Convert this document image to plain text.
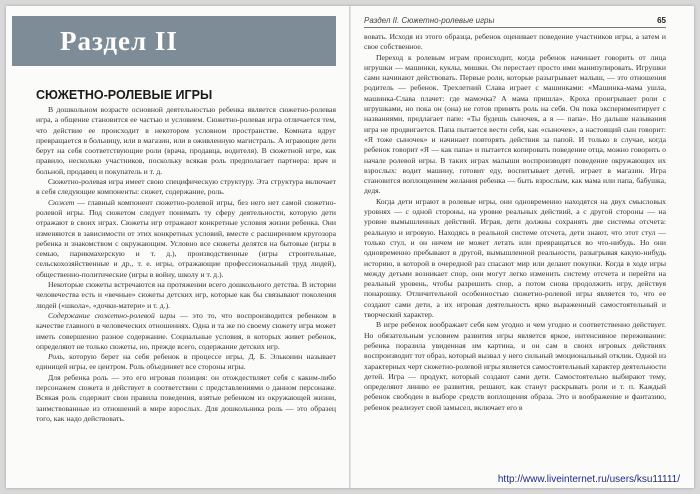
Раздел II
СЮЖЕТНО-РОЛЕВЫЕ ИГРЫ

В дошкольном возрасте основной деятельностью ребенка является сюжетно-ролевая игра, а общение становится ее частью и условием. Сюжетно-ролевая игра отличается тем, что действие ее происходит в некотором условном пространстве. Комната вдруг превращается в больницу, или в магазин, или в оживленную магистраль. А играющие дети берут на себя соответствующие роли (врача, продавца, водителя). В сюжетной игре, как правило, несколько участников, поскольку всякая роль предполагает партнера: врач и больной, продавец и покупатель и т. д.

Сюжетно-ролевая игра имеет свою специфическую структуру. Эта структура включает в себя следующие компоненты: сюжет, содержание, роль.

Сюжет — главный компонент сюжетно-ролевой игры, без него нет самой сюжетно-ролевой игры. Под сюжетом следует понимать ту сферу деятельности, которую дети отражают в своих играх. Сюжеты игр отражают конкретные условия жизни ребенка. Они изменяются в зависимости от этих конкретных условий, вместе с расширением кругозора ребенка и знакомством с окружающим. Условно все сюжеты делятся на бытовые (игры в семью, парикмахерскую и т. д.), производственные (игры строительные, сельскохозяйственные и др., т. е. игры, отражающие профессиональный труд людей), общественно-политические (игры в войну, школу и т. д.).

Некоторые сюжеты встречаются на протяжении всего дошкольного детства. В истории человечества есть и «вечные» сюжеты детских игр, которые как бы связывают поколения людей («школа», «дочки-матери» и т. д.).

Содержание сюжетно-ролевой игры — это то, что воспроизводится ребенком в качестве главного в человеческих отношениях. Одна и та же по своему сюжету игра может иметь совершенно разное содержание. Социальные условия, в которых живет ребенок, определяют не только сюжеты, но, прежде всего, содержание детских игр.

Роль, которую берет на себя ребенок в процессе игры, Д. Б. Эльконин называет единицей игры, ее центром. Роль объединяет все стороны игры.

Для ребенка роль — это его игровая позиция: он отождествляет себя с каким-либо персонажем сюжета и действует в соответствии с представлениями о данном персонаже. Всякая роль содержит свои правила поведения, взятые ребенком из окружающей жизни, заимствованные из отношений в мире взрослых. Для дошкольника роль — это образец того, как надо действовать.

Раздел II. Сюжетно-ролевые игры	65

вовать. Исходя из этого образца, ребенок оценивает поведение участников игры, а затем и свое собственное.

Переход к ролевым играм происходит, когда ребенок начинает говорить от лица игрушки — машинки, куклы, мишки. Он перестает просто ими манипулировать. Игрушки сами начинают действовать. Первые роли, которые разыгрывает малыш, — это отношения родитель — ребенок. Трехлетний Слава играет с машинками: «Машинка-мама ушла, машинка-Слава плачет: где мамочка? А мама пришла». Кроха проигрывает роли с игрушками, но пока он (она) не готов принять роль на себя. Он пока экспериментирует с названиями, предлагает папе: «Ты будешь сыночек, а я — папа». Но дальше называния игра не продвигается. Папа пытается вести себя, как «сыночек», а настоящий сын говорит: «Я тоже сыночек» и начинает повторять действия за папой. И только в случае, когда ребенок говорит «Я — как папа» и пытается копировать поведение отца, можно говорить о начале ролевой игры. В таких играх малыши воспроизводят поведение окружающих их взрослых: водит машину, готовит еду, воспитывает детей, играет в магазин. Игра становится воплощением желания ребенка — быть взрослым, как мама или папа, бабушка, дедя.

Когда дети играют в ролевые игры, они одновременно находятся на двух смысловых уровнях — с одной стороны, на уровне реальных действий, а с другой стороны — на уровне вымышленных действий. Играя, дети должны сохранять две системы отсчета: реальную и игровую. Находясь в реальной системе отсчета, дети знают, что этот стул — только стул, и он ничем не может летать или превращаться во что-нибудь. Но они одновременно пребывают в другой, вымышленной реальности, разыгрывая какую-нибудь историю, в которой в очередной раз спасают мир или делают покупки. Когда в ходе игры между детьми возникает спор, они могут легко изменить систему отсчета и перейти на реальный уровень, чтобы разрешить спор, а потом снова продолжить игру, действуя понарошку. Отличительной особенностью сюжетно-ролевой игры является то, что ее создают сами дети, а их игровая деятельность ярко выраженный самостоятельный и творческий характер.

В игре ребенок воображает себя кем угодно и чем угодно и соответственно действует. Но обязательным условием развития игры является яркое, интенсивное переживание: ребенка поразила увиденная им картина, и он сам в своих игровых действиях воспроизводит тот образ, который вызвал у него сильный эмоциональный отклик. Одной из характерных черт сюжетно-ролевой игры является самостоятельный характер деятельности детей. Игра — продукт, который создают сами дети. Самостоятельно выбирают тему, определяют линию ее развития, решают, как станут раскрывать роли и т. п. Каждый ребенок свободен в выборе средств воплощения образа. Это и воображение и фантазию, ребенок реализует свой замысел, включает его в

http://www.liveinternet.ru/users/ksu11111/
